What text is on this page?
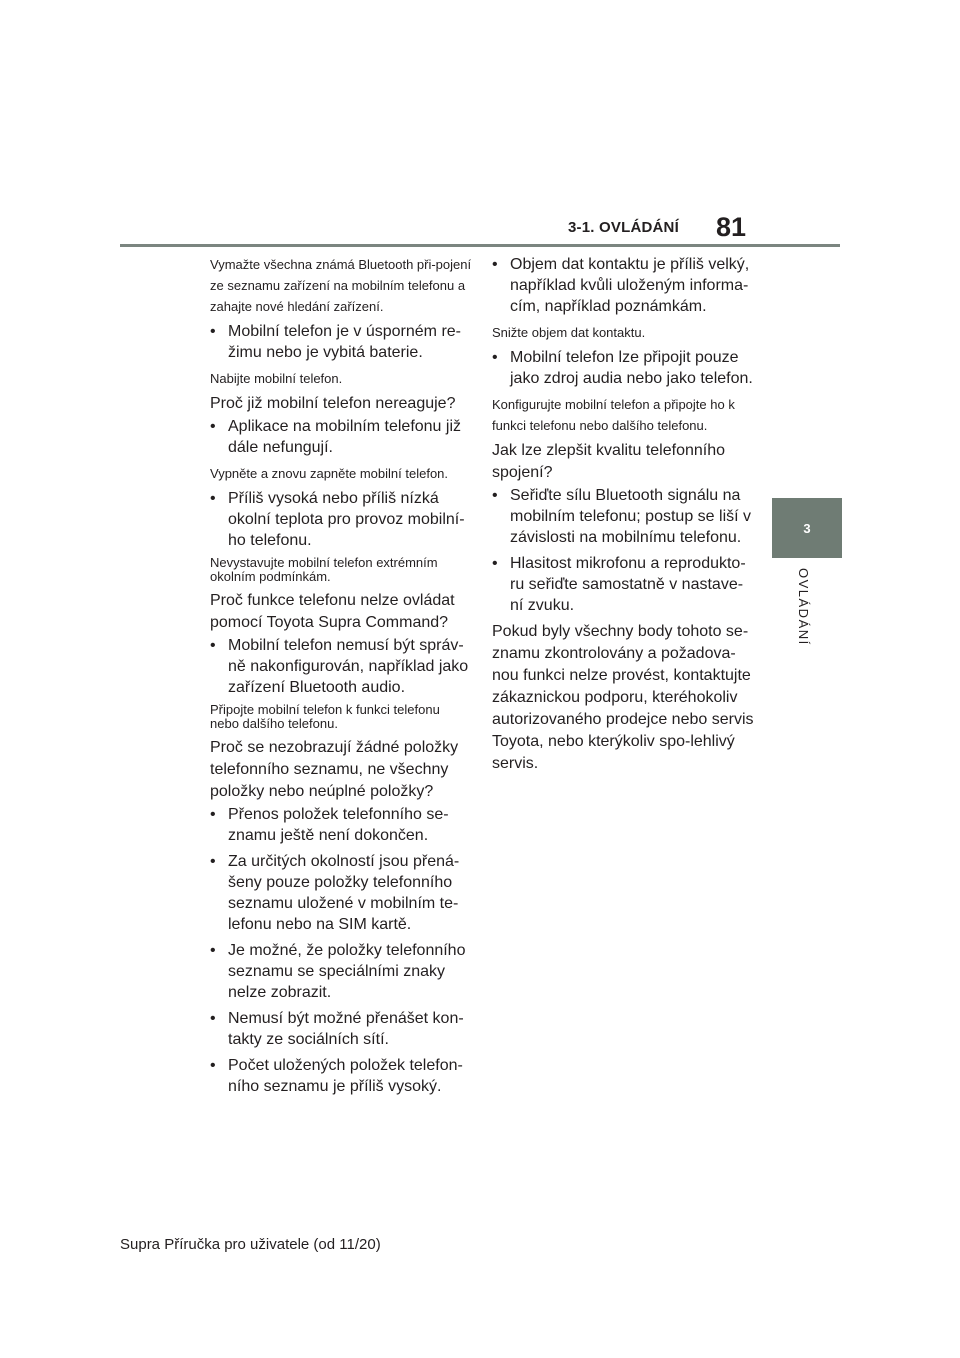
3-1. OVLÁDÁNÍ 81
3
OVLÁDÁNÍ

Vymažte všechna známá Bluetooth při-pojení ze seznamu zařízení na mobilním telefonu a zahajte nové hledání zařízení.

• Mobilní telefon je v úsporném re-žimu nebo je vybitá baterie.

Nabijte mobilní telefon.

Proč již mobilní telefon nereaguje?

• Aplikace na mobilním telefonu již dále nefungují.

Vypněte a znovu zapněte mobilní telefon.

• Příliš vysoká nebo příliš nízká okolní teplota pro provoz mobilní-ho telefonu.

Nevystavujte mobilní telefon extrémním okolním podmínkám.

Proč funkce telefonu nelze ovládat pomocí Toyota Supra Command?

• Mobilní telefon nemusí být správ-ně nakonfigurován, například jako zařízení Bluetooth audio.

Připojte mobilní telefon k funkci telefonu nebo dalšího telefonu.

Proč se nezobrazují žádné položky telefonního seznamu, ne všechny položky nebo neúplné položky?

• Přenos položek telefonního se-znamu ještě není dokončen.

• Za určitých okolností jsou přená-šeny pouze položky telefonního seznamu uložené v mobilním te-lefonu nebo na SIM kartě.

• Je možné, že položky telefonního seznamu se speciálními znaky nelze zobrazit.

• Nemusí být možné přenášet kon-takty ze sociálních sítí.

• Počet uložených položek telefon-ního seznamu je příliš vysoký.

• Objem dat kontaktu je příliš velký, například kvůli uloženým informa-cím, například poznámkám.

Snižte objem dat kontaktu.

• Mobilní telefon lze připojit pouze jako zdroj audia nebo jako telefon.

Konfigurujte mobilní telefon a připojte ho k funkci telefonu nebo dalšího telefonu.

Jak lze zlepšit kvalitu telefonního spojení?

• Seřiďte sílu Bluetooth signálu na mobilním telefonu; postup se liší v závislosti na mobilnímu telefonu.

• Hlasitost mikrofonu a reprodukto-ru seřiďte samostatně v nastave-ní zvuku.

Pokud byly všechny body tohoto se-znamu zkontrolovány a požadova-nou funkci nelze provést, kontaktujte zákaznickou podporu, kteréhokoliv autorizovaného prodejce nebo servis Toyota, nebo kterýkoliv spo-lehlivý servis.

Supra Příručka pro uživatele (od 11/20)
